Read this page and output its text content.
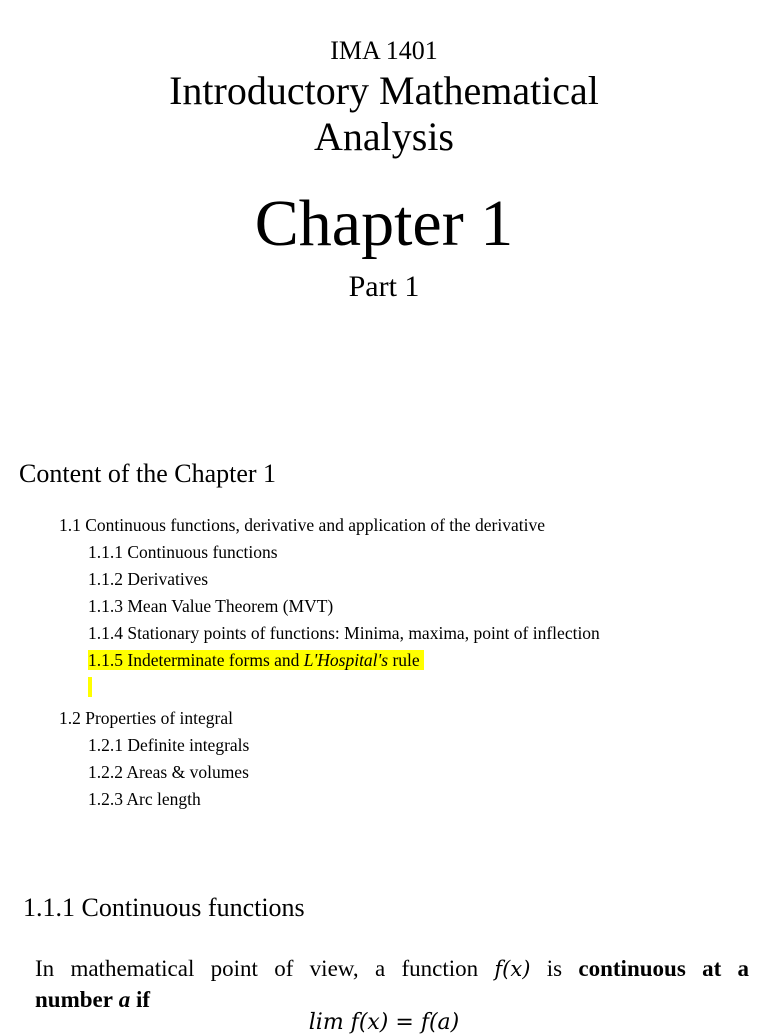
IMA 1401

Introductory Mathematical

Analysis

Chapter 1

Part 1

Content of the Chapter 1

1.1 Continuous functions, derivative and application of the derivative

1.1.1 Continuous functions

1.1.2 Derivatives

1.1.3 Mean Value Theorem (MVT)

1.1.4 Stationary points of functions: Minima, maxima, point of inflection

1.1.5 Indeterminate forms and L'Hospital's rule

1.2 Properties of integral

1.2.1 Definite integrals

1.2.2 Areas & volumes

1.2.3 Arc length

1.1.1 Continuous functions

In mathematical point of view, a function f(x) is continuous at a

number a if

lim f(x) = f(a)
